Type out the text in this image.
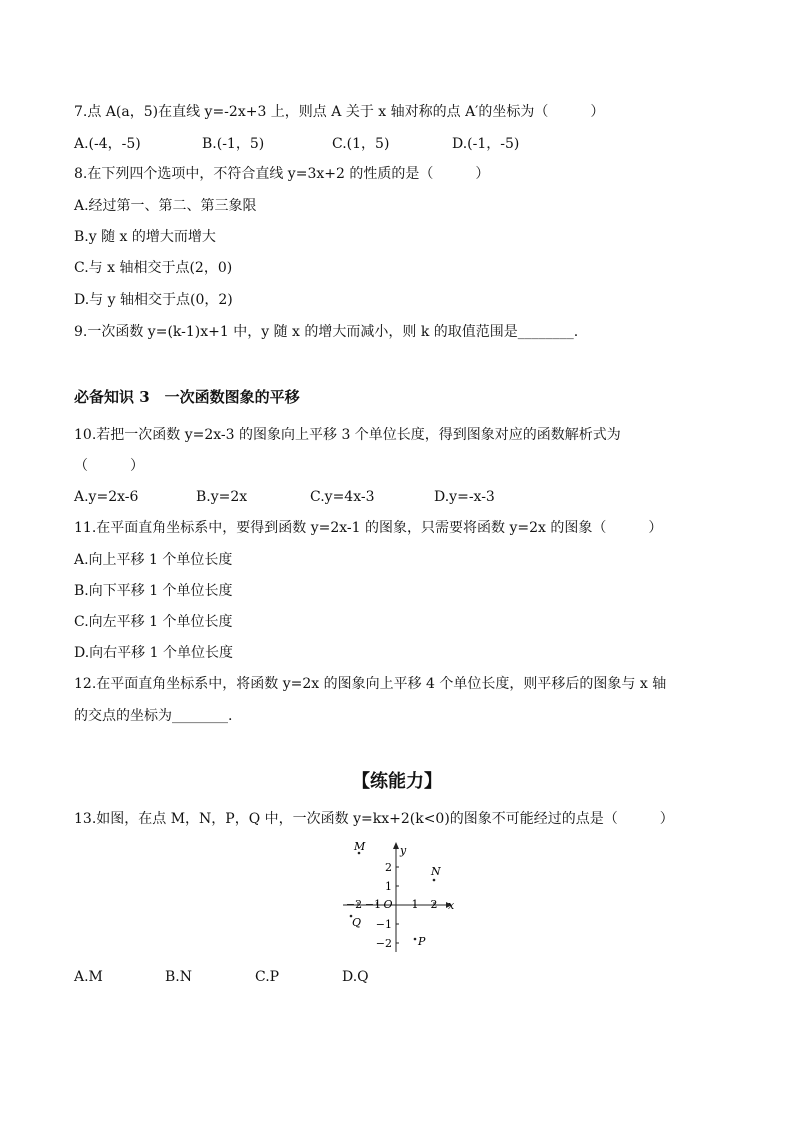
7.点 A(a，5)在直线 y=-2x+3 上，则点 A 关于 x 轴对称的点 A′的坐标为（　　　）
A.(-4，-5)	B.(-1，5)	C.(1，5)	D.(-1，-5)
8.在下列四个选项中，不符合直线 y=3x+2 的性质的是（　　　）
A.经过第一、第二、第三象限
B.y 随 x 的增大而增大
C.与 x 轴相交于点(2，0)
D.与 y 轴相交于点(0，2)
9.一次函数 y=(k-1)x+1 中，y 随 x 的增大而减小，则 k 的取值范围是________.
必备知识 3　一次函数图象的平移
10.若把一次函数 y=2x-3 的图象向上平移 3 个单位长度，得到图象对应的函数解析式为
（　　　）
A.y=2x-6	B.y=2x	C.y=4x-3	D.y=-x-3
11.在平面直角坐标系中，要得到函数 y=2x-1 的图象，只需要将函数 y=2x 的图象（　　　）
A.向上平移 1 个单位长度
B.向下平移 1 个单位长度
C.向左平移 1 个单位长度
D.向右平移 1 个单位长度
12.在平面直角坐标系中，将函数 y=2x 的图象向上平移 4 个单位长度，则平移后的图象与 x 轴
的交点的坐标为________.
【练能力】
13.如图，在点 M，N，P，Q 中，一次函数 y=kx+2(k<0)的图象不可能经过的点是（　　　）
−2 −1	1 2
O	x
y
2
1
−1
−2
M
N
P
Q
A.M	B.N	C.P	D.Q
